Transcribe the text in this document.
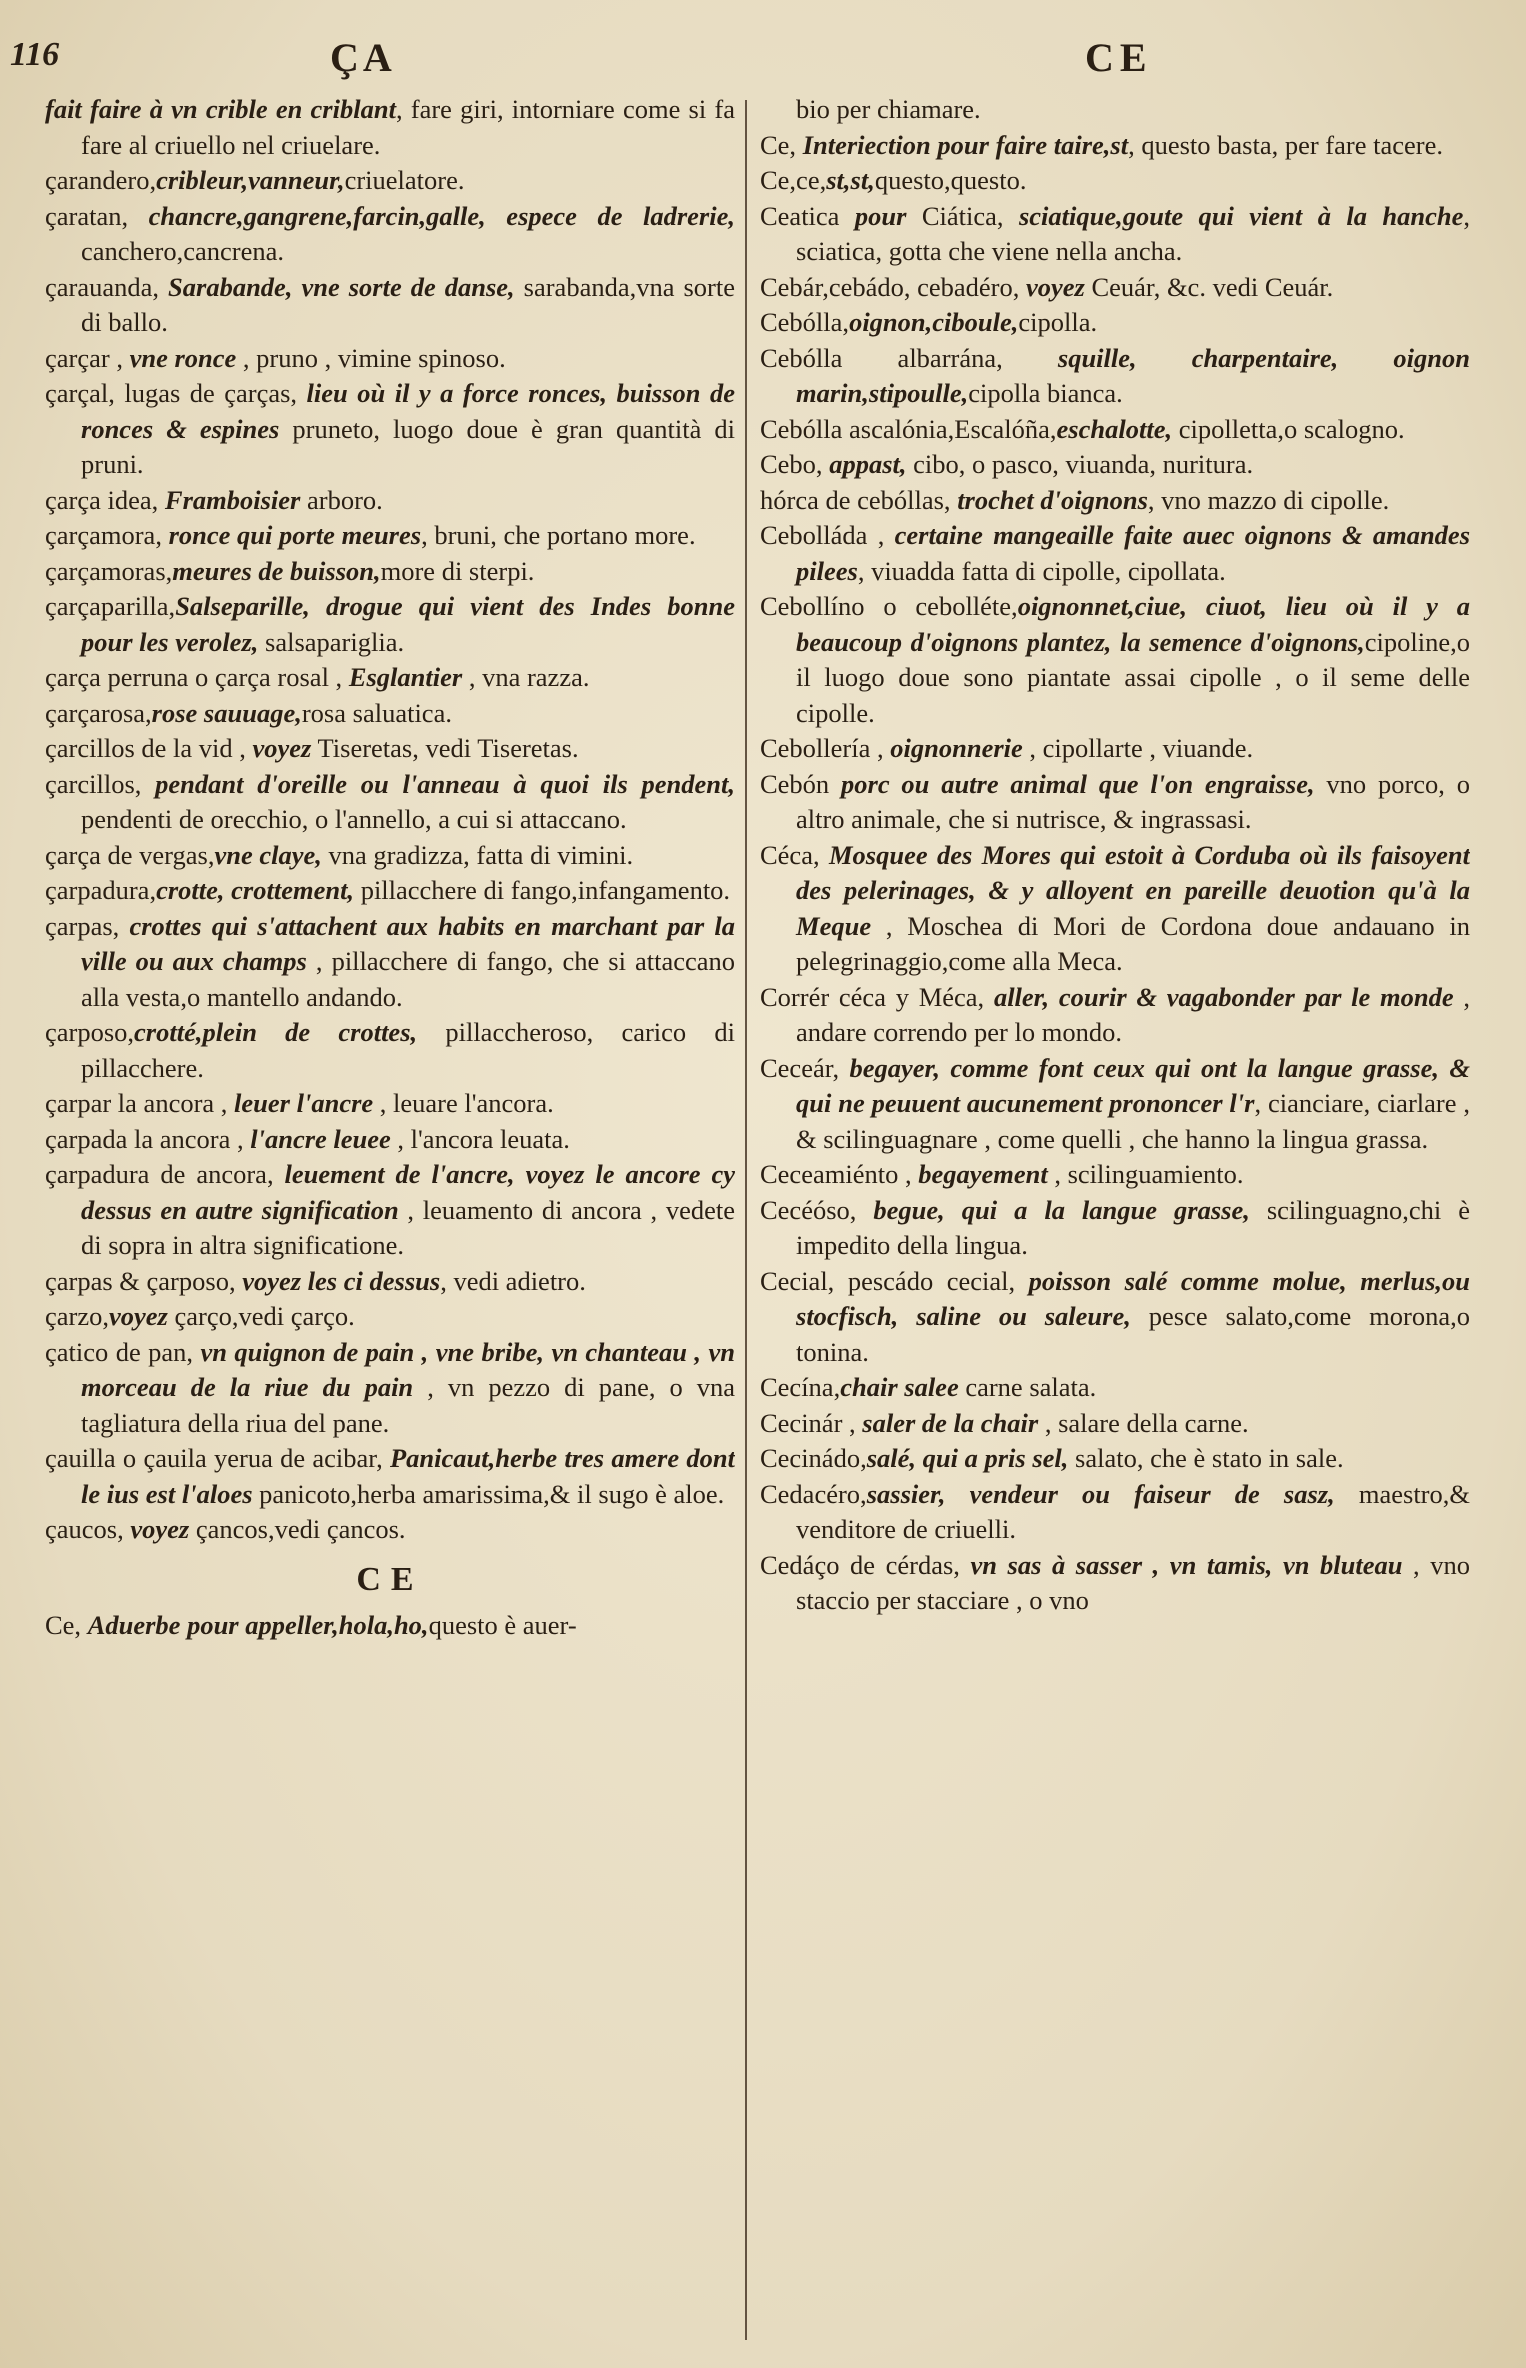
116	ÇA	CE

fait faire à vn crible en criblant, fare giri, intorniare come si fa fare al criuello nel criuelare.

çarandero,cribleur,vanneur,criuelatore.

çaratan, chancre,gangrene,farcin,galle, espece de ladrerie, canchero,cancrena.

çarauanda, Sarabande, vne sorte de danse, sarabanda,vna sorte di ballo.

çarçar , vne ronce , pruno , vimine spinoso.

çarçal, lugas de çarças, lieu où il y a force ronces, buisson de ronces & espines pruneto, luogo doue è gran quantità di pruni.

çarça idea, Framboisier arboro.

çarçamora, ronce qui porte meures, bruni, che portano more.

çarçamoras,meures de buisson,more di sterpi.

çarçaparilla,Salseparille, drogue qui vient des Indes bonne pour les verolez, salsapariglia.

çarça perruna o çarça rosal , Esglantier , vna razza.

çarçarosa,rose sauuage,rosa saluatica.

çarcillos de la vid , voyez Tiseretas, vedi Tiseretas.

çarcillos, pendant d'oreille ou l'anneau à quoi ils pendent, pendenti de orecchio, o l'annello, a cui si attaccano.

çarça de vergas,vne claye, vna gradizza, fatta di vimini.

çarpadura,crotte, crottement, pillacchere di fango,infangamento.

çarpas, crottes qui s'attachent aux habits en marchant par la ville ou aux champs , pillacchere di fango, che si attaccano alla vesta,o mantello andando.

çarposo,crotté,plein de crottes, pillaccheroso, carico di pillacchere.

çarpar la ancora , leuer l'ancre , leuare l'ancora.

çarpada la ancora , l'ancre leuee , l'ancora leuata.

çarpadura de ancora, leuement de l'ancre, voyez le ancore cy dessus en autre signification , leuamento di ancora , vedete di sopra in altra significatione.

çarpas & çarposo, voyez les ci dessus, vedi adietro.

çarzo,voyez çarço,vedi çarço.

çatico de pan, vn quignon de pain , vne bribe, vn chanteau , vn morceau de la riue du pain , vn pezzo di pane, o vna tagliatura della riua del pane.

çauilla o çauila yerua de acibar, Panicaut,herbe tres amere dont le ius est l'aloes panicoto,herba amarissima,& il sugo è aloe.

çaucos, voyez çancos,vedi çancos.

CE

Ce, Aduerbe pour appeller,hola,ho,questo è auer-

bio per chiamare.

Ce, Interiection pour faire taire,st, questo basta, per fare tacere.

Ce,ce,st,st,questo,questo.

Ceatica pour Ciática, sciatique,goute qui vient à la hanche, sciatica, gotta che viene nella ancha.

Cebár,cebádo, cebadéro, voyez Ceuár, &c. vedi Ceuár.

Cebólla,oignon,ciboule,cipolla.

Cebólla albarrána, squille, charpentaire, oignon marin,stipoulle,cipolla bianca.

Cebólla ascalónia,Escalóña,eschalotte, cipolletta,o scalogno.

Cebo, appast, cibo, o pasco, viuanda, nuritura.

hórca de cebóllas, trochet d'oignons, vno mazzo di cipolle.

Cebolláda , certaine mangeaille faite auec oignons & amandes pilees, viuadda fatta di cipolle, cipollata.

Cebollíno o cebolléte,oignonnet,ciue, ciuot, lieu où il y a beaucoup d'oignons plantez, la semence d'oignons,cipoline,o il luogo doue sono piantate assai cipolle , o il seme delle cipolle.

Cebollería , oignonnerie , cipollarte , viuande.

Cebón porc ou autre animal que l'on engraisse, vno porco, o altro animale, che si nutrisce, & ingrassasi.

Céca, Mosquee des Mores qui estoit à Corduba où ils faisoyent des pelerinages, & y alloyent en pareille deuotion qu'à la Meque , Moschea di Mori de Cordona doue andauano in pelegrinaggio,come alla Meca.

Corrér céca y Méca, aller, courir & vagabonder par le monde , andare correndo per lo mondo.

Ceceár, begayer, comme font ceux qui ont la langue grasse, & qui ne peuuent aucunement prononcer l'r, cianciare, ciarlare , & scilinguagnare , come quelli , che hanno la lingua grassa.

Ceceamiénto , begayement , scilinguamiento.

Cecéóso, begue, qui a la langue grasse, scilinguagno,chi è impedito della lingua.

Cecial, pescádo cecial, poisson salé comme molue, merlus,ou stocfisch, saline ou saleure, pesce salato,come morona,o tonina.

Cecína,chair salee carne salata.

Cecinár , saler de la chair , salare della carne.

Cecinádo,salé, qui a pris sel, salato, che è stato in sale.

Cedacéro,sassier, vendeur ou faiseur de sasz, maestro,& venditore de criuelli.

Cedáço de cérdas, vn sas à sasser , vn tamis, vn bluteau , vno staccio per stacciare , o vno
